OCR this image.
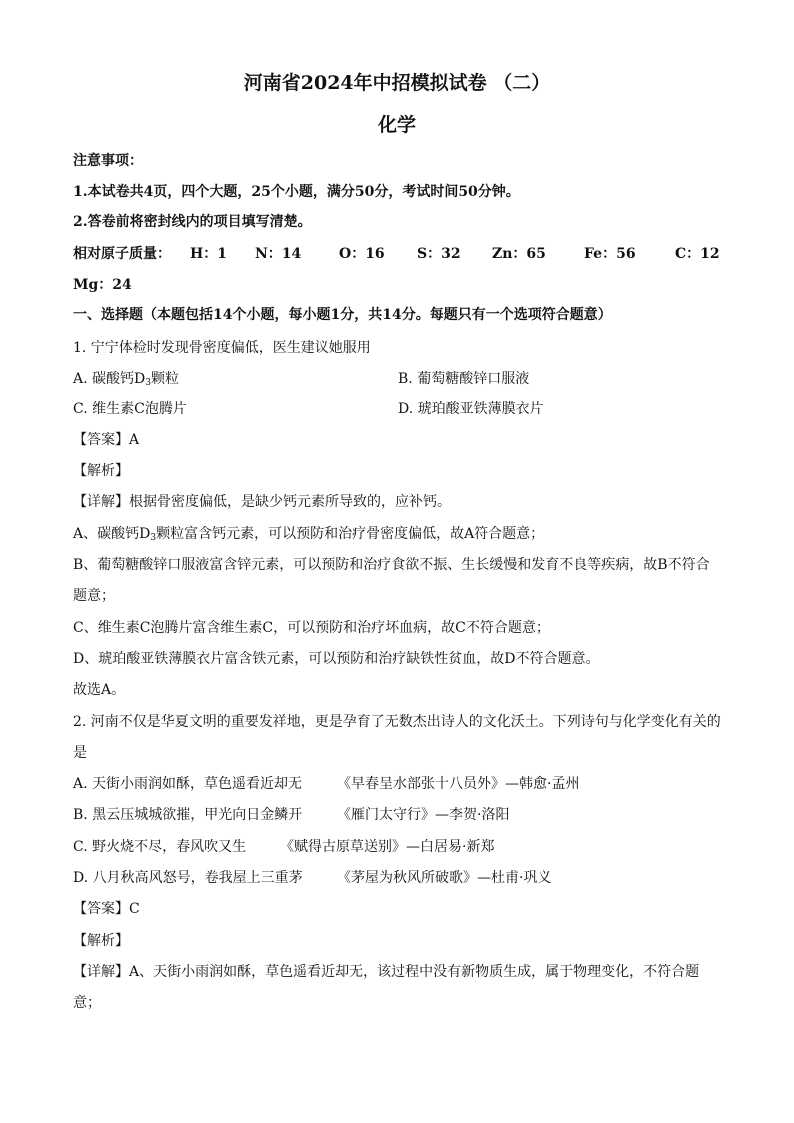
河南省2024年中招模拟试卷 （二）
化学
注意事项：
1.本试卷共4页，四个大题，25个小题，满分50分，考试时间50分钟。
2.答卷前将密封线内的项目填写清楚。
相对原子质量： H：1 N：14	O：16 S：32 Zn：65	Fe：56	C：12
Mg：24
一、选择题（本题包括14个小题，每小题1分，共14分。每题只有一个选项符合题意）
1. 宁宁体检时发现骨密度偏低，医生建议她服用
A. 碳酸钙$D_3$颗粒	B. 葡萄糖酸锌口服液
C. 维生素C泡腾片	D. 琥珀酸亚铁薄膜衣片
【答案】A
【解析】
【详解】根据骨密度偏低，是缺少钙元素所导致的，应补钙。
A、碳酸钙$D_3$颗粒富含钙元素，可以预防和治疗骨密度偏低，故A符合题意；
B、葡萄糖酸锌口服液富含锌元素，可以预防和治疗食欲不振、生长缓慢和发育不良等疾病，故B不符合
题意；
C、维生素C泡腾片富含维生素C，可以预防和治疗坏血病，故C不符合题意；
D、琥珀酸亚铁薄膜衣片富含铁元素，可以预防和治疗缺铁性贫血，故D不符合题意。
故选A。
2. 河南不仅是华夏文明的重要发祥地，更是孕育了无数杰出诗人的文化沃土。下列诗句与化学变化有关的
是
A. 天街小雨润如酥，草色遥看近却无 《早春呈水部张十八员外》—韩愈·孟州
B. 黑云压城城欲摧，甲光向日金鳞开 《雁门太守行》—李贺·洛阳
C. 野火烧不尽，春风吹又生 《赋得古原草送别》—白居易·新郑
D. 八月秋高风怒号，卷我屋上三重茅 《茅屋为秋风所破歌》—杜甫·巩义
【答案】C
【解析】
【详解】A、天街小雨润如酥，草色遥看近却无，该过程中没有新物质生成，属于物理变化，不符合题
意；
